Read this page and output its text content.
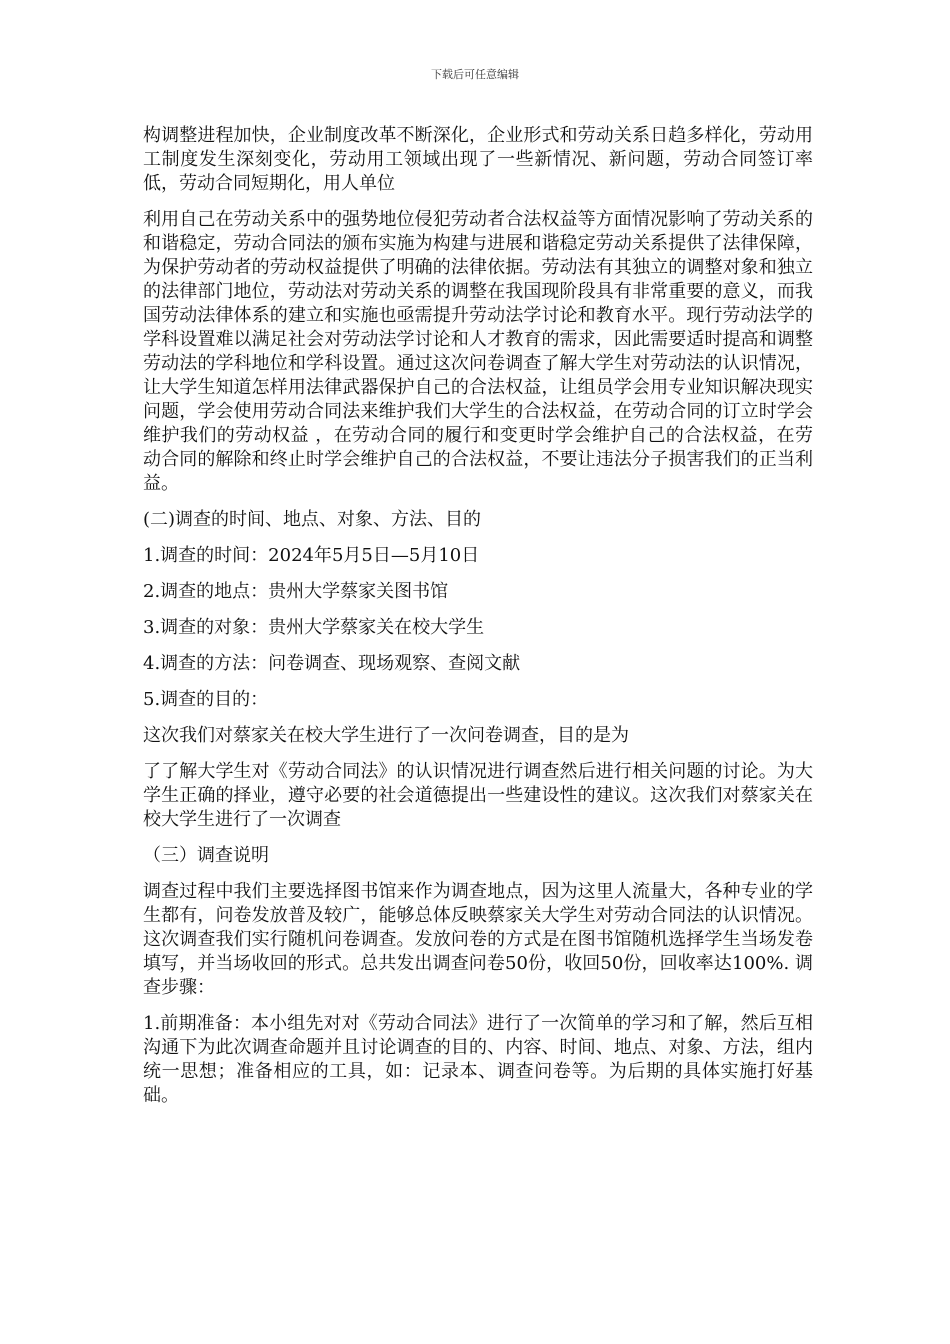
下载后可任意编辑

构调整进程加快，企业制度改革不断深化，企业形式和劳动关系日趋多样化，劳动用工制度发生深刻变化，劳动用工领域出现了一些新情况、新问题，劳动合同签订率低，劳动合同短期化，用人单位

利用自己在劳动关系中的强势地位侵犯劳动者合法权益等方面情况影响了劳动关系的和谐稳定，劳动合同法的颁布实施为构建与进展和谐稳定劳动关系提供了法律保障，为保护劳动者的劳动权益提供了明确的法律依据。劳动法有其独立的调整对象和独立的法律部门地位，劳动法对劳动关系的调整在我国现阶段具有非常重要的意义，而我国劳动法律体系的建立和实施也亟需提升劳动法学讨论和教育水平。现行劳动法学的学科设置难以满足社会对劳动法学讨论和人才教育的需求，因此需要适时提高和调整劳动法的学科地位和学科设置。通过这次问卷调查了解大学生对劳动法的认识情况，让大学生知道怎样用法律武器保护自己的合法权益，让组员学会用专业知识解决现实问题，学会使用劳动合同法来维护我们大学生的合法权益，在劳动合同的订立时学会维护我们的劳动权益 ，在劳动合同的履行和变更时学会维护自己的合法权益，在劳动合同的解除和终止时学会维护自己的合法权益，不要让违法分子损害我们的正当利益。

(二)调查的时间、地点、对象、方法、目的

1.调查的时间：2024年5月5日—5月10日

2.调查的地点：贵州大学蔡家关图书馆

3.调查的对象：贵州大学蔡家关在校大学生

4.调查的方法：问卷调查、现场观察、查阅文献

5.调查的目的：

这次我们对蔡家关在校大学生进行了一次问卷调查，目的是为

了了解大学生对《劳动合同法》的认识情况进行调查然后进行相关问题的讨论。为大学生正确的择业，遵守必要的社会道德提出一些建设性的建议。这次我们对蔡家关在校大学生进行了一次调查

（三）调查说明

调查过程中我们主要选择图书馆来作为调查地点，因为这里人流量大，各种专业的学生都有，问卷发放普及较广，能够总体反映蔡家关大学生对劳动合同法的认识情况。这次调查我们实行随机问卷调查。发放问卷的方式是在图书馆随机选择学生当场发卷填写，并当场收回的形式。总共发出调查问卷50份，收回50份，回收率达100%. 调查步骤：

1.前期准备：本小组先对对《劳动合同法》进行了一次简单的学习和了解，然后互相沟通下为此次调查命题并且讨论调查的目的、内容、时间、地点、对象、方法，组内统一思想；准备相应的工具，如：记录本、调查问卷等。为后期的具体实施打好基础。
